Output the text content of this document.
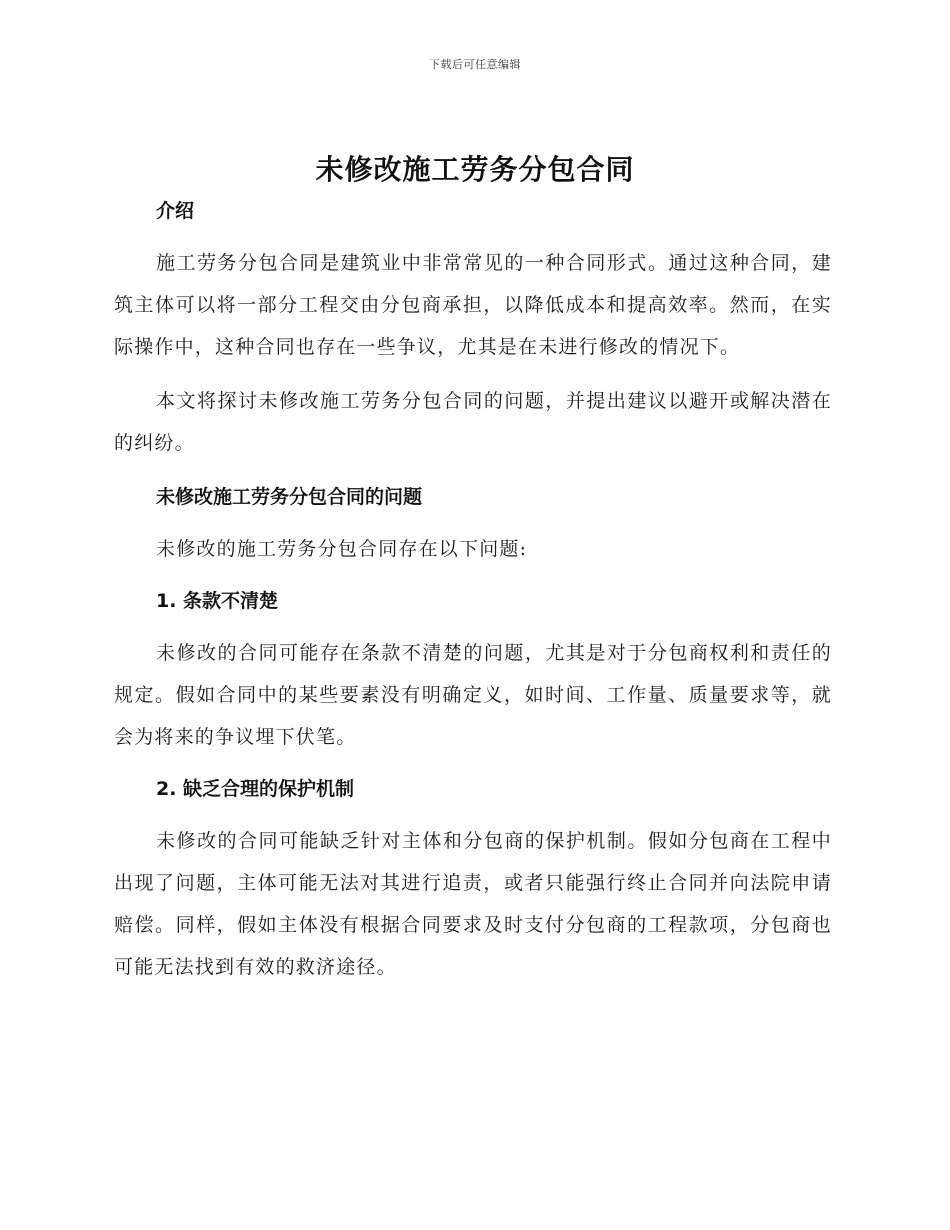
下载后可任意编辑
未修改施工劳务分包合同

介绍

施工劳务分包合同是建筑业中非常常见的一种合同形式。通过这种合同，建筑主体可以将一部分工程交由分包商承担，以降低成本和提高效率。然而，在实际操作中，这种合同也存在一些争议，尤其是在未进行修改的情况下。

本文将探讨未修改施工劳务分包合同的问题，并提出建议以避开或解决潜在的纠纷。

未修改施工劳务分包合同的问题

未修改的施工劳务分包合同存在以下问题:

1. 条款不清楚

未修改的合同可能存在条款不清楚的问题，尤其是对于分包商权利和责任的规定。假如合同中的某些要素没有明确定义，如时间、工作量、质量要求等，就会为将来的争议埋下伏笔。

2. 缺乏合理的保护机制

未修改的合同可能缺乏针对主体和分包商的保护机制。假如分包商在工程中出现了问题，主体可能无法对其进行追责，或者只能强行终止合同并向法院申请赔偿。同样，假如主体没有根据合同要求及时支付分包商的工程款项，分包商也可能无法找到有效的救济途径。
